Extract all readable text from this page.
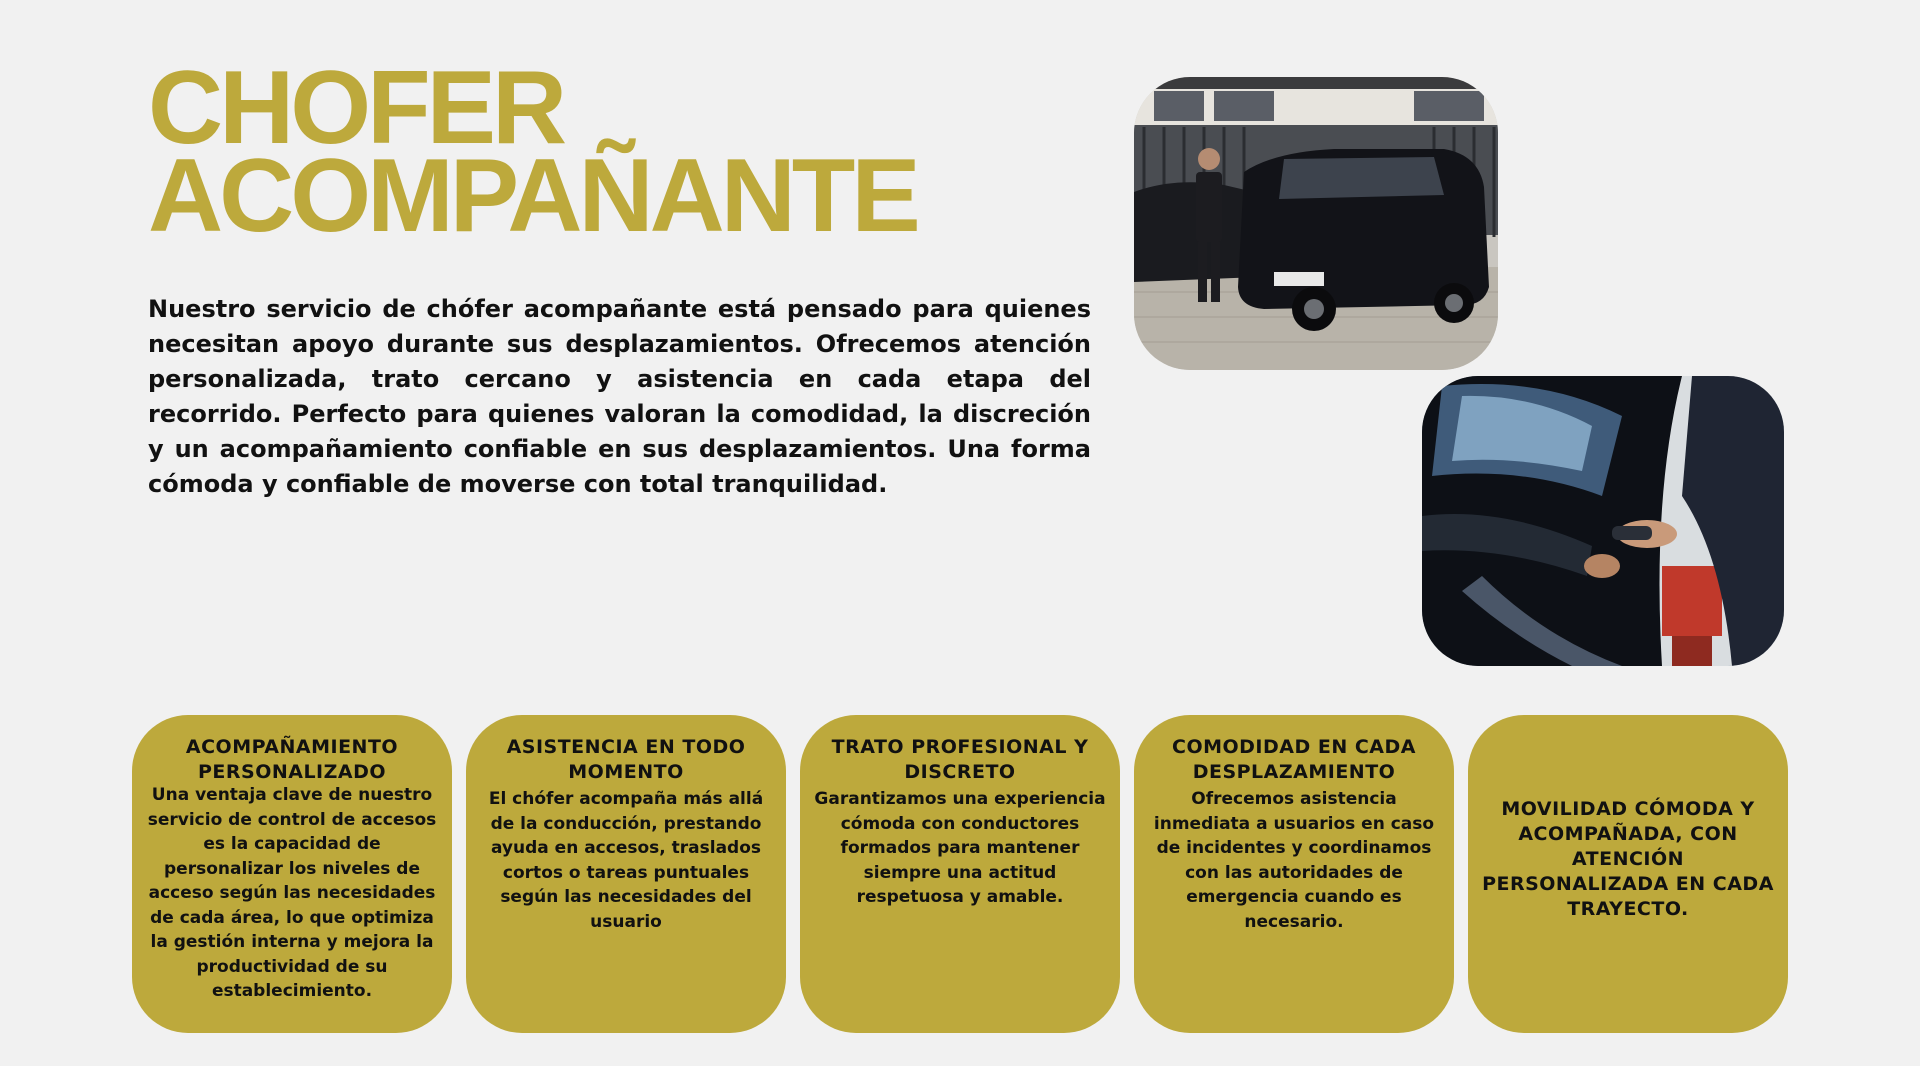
CHOFER
ACOMPAÑANTE

Nuestro servicio de chófer acompañante está pensado para quienes necesitan apoyo durante sus desplazamientos. Ofrecemos atención personalizada, trato cercano y asistencia en cada etapa del recorrido. Perfecto para quienes valoran la comodidad, la discreción y un acompañamiento confiable en sus desplazamientos. Una forma cómoda y confiable de moverse con total tranquilidad.

ACOMPAÑAMIENTO PERSONALIZADO
Una ventaja clave de nuestro servicio de control de accesos es la capacidad de personalizar los niveles de acceso según las necesidades de cada área, lo que optimiza la gestión interna y mejora la productividad de su establecimiento.
ASISTENCIA EN TODO MOMENTO
El chófer acompaña más allá de la conducción, prestando ayuda en accesos, traslados cortos o tareas puntuales según las necesidades del usuario
TRATO PROFESIONAL Y DISCRETO
Garantizamos una experiencia cómoda con conductores formados para mantener siempre una actitud respetuosa y amable.
COMODIDAD EN CADA DESPLAZAMIENTO
Ofrecemos asistencia inmediata a usuarios en caso de incidentes y coordinamos con las autoridades de emergencia cuando es necesario.
MOVILIDAD CÓMODA Y ACOMPAÑADA, CON ATENCIÓN PERSONALIZADA EN CADA TRAYECTO.
